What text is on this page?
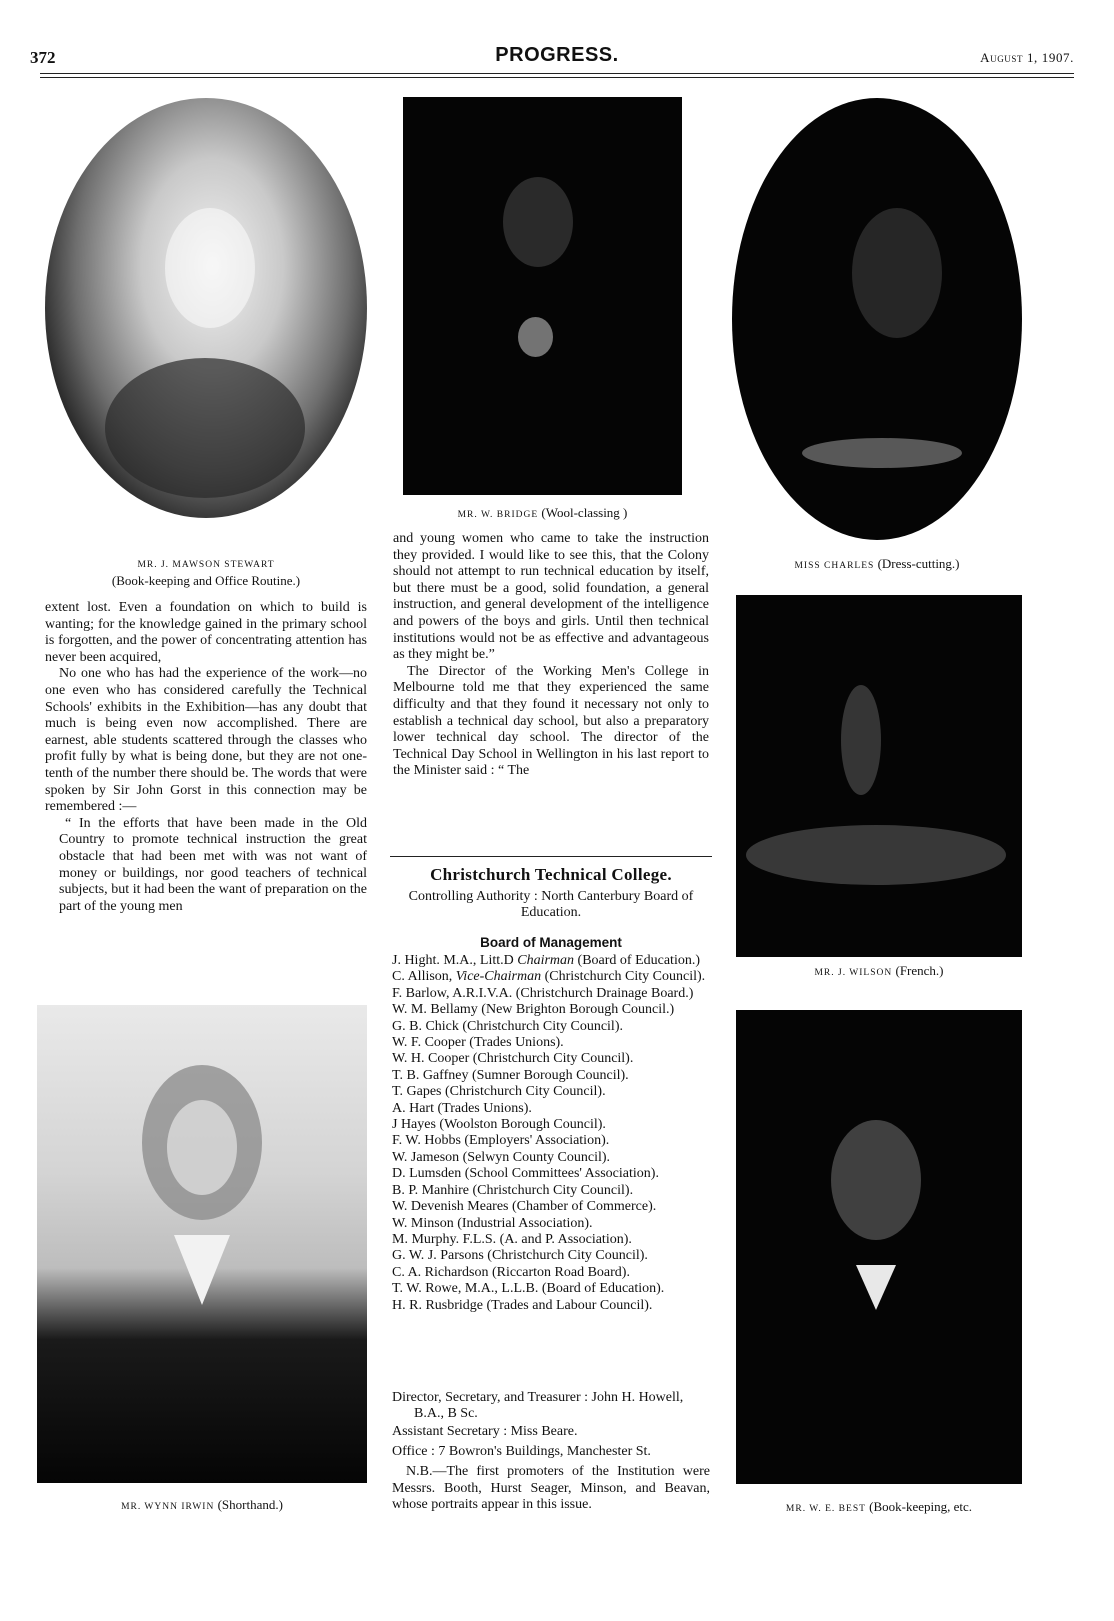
372	PROGRESS.	August 1, 1907.
MR. J. MAWSON STEWART
(Book-keeping and Office Routine.)
MR. W. BRIDGE (Wool-classing )
MISS CHARLES (Dress-cutting.)
MR. J. WILSON (French.)
MR. WYNN IRWIN (Shorthand.)	MR. W. E. BEST (Book-keeping, etc.

extent lost. Even a foundation on which to build is wanting; for the knowledge gained in the primary school is forgotten, and the power of concentrating attention has never been acquired,

No one who has had the experience of the work—no one even who has considered carefully the Technical Schools' exhibits in the Exhibition—has any doubt that much is being even now accomplished. There are earnest, able students scattered through the classes who profit fully by what is being done, but they are not one-tenth of the number there should be. The words that were spoken by Sir John Gorst in this connection may be remembered :—

“ In the efforts that have been made in the Old Country to promote technical instruction the great obstacle that had been met with was not want of money or buildings, nor good teachers of technical subjects, but it had been the want of preparation on the part of the young men

and young women who came to take the instruction they provided. I would like to see this, that the Colony should not attempt to run technical education by itself, but there must be a good, solid foundation, a general instruction, and general development of the intelligence and powers of the boys and girls. Until then technical institutions would not be as effective and advantageous as they might be.”

The Director of the Working Men's College in Melbourne told me that they experienced the same difficulty and that they found it necessary not only to establish a technical day school, but also a preparatory lower technical day school. The director of the Technical Day School in Wellington in his last report to the Minister said : “ The

Christchurch Technical College.
Controlling Authority : North Canterbury Board of Education.
Board of Management
J. Hight. M.A., Litt.D Chairman (Board of Education.)
C. Allison, Vice-Chairman (Christchurch City Council).
F. Barlow, A.R.I.V.A. (Christchurch Drainage Board.)
W. M. Bellamy (New Brighton Borough Council.)
G. B. Chick (Christchurch City Council).
W. F. Cooper (Trades Unions).
W. H. Cooper (Christchurch City Council).
T. B. Gaffney (Sumner Borough Council).
T. Gapes (Christchurch City Council).
A. Hart (Trades Unions).
J Hayes (Woolston Borough Council).
F. W. Hobbs (Employers' Association).
W. Jameson (Selwyn County Council).
D. Lumsden (School Committees' Association).
B. P. Manhire (Christchurch City Council).
W. Devenish Meares (Chamber of Commerce).
W. Minson (Industrial Association).
M. Murphy. F.L.S. (A. and P. Association).
G. W. J. Parsons (Christchurch City Council).
C. A. Richardson (Riccarton Road Board).
T. W. Rowe, M.A., L.L.B. (Board of Education).
H. R. Rusbridge (Trades and Labour Council).
Director, Secretary, and Treasurer : John H. Howell, B.A., B Sc.
Assistant Secretary : Miss Beare.
Office : 7 Bowron's Buildings, Manchester St.
N.B.—The first promoters of the Institution were Messrs. Booth, Hurst Seager, Minson, and Beavan, whose portraits appear in this issue.
